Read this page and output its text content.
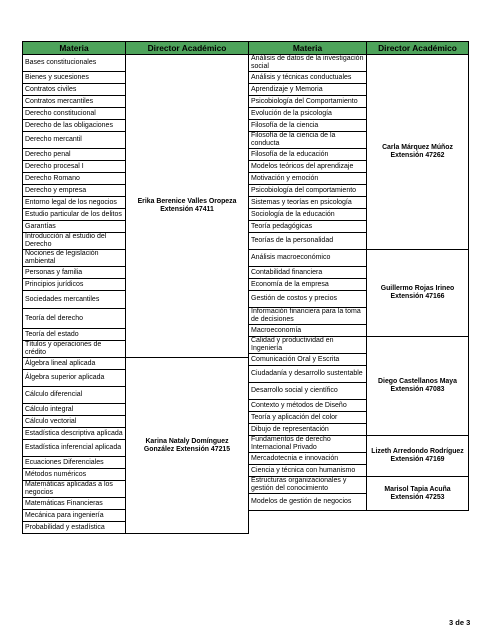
Materia	Director Académico
Bases constitucionales	Erika Berenice Valles Oropeza Extensión 47411
Bienes y sucesiones	
Contratos civiles	
Contratos mercantiles	
Derecho constitucional	
Derecho de las obligaciones	
Derecho mercantil	
Derecho penal	
Derecho procesal I	
Derecho Romano	
Derecho y empresa	
Entorno legal de los negocios	
Estudio particular de los delitos	
Garantías	
Introducción al estudio del Derecho	
Nociones de legislación ambiental	
Personas y familia	
Principios jurídicos	
Sociedades mercantiles	
Teoría del derecho	
Teoría del estado	
Títulos y operaciones de crédito	
Álgebra lineal aplicada	Karina Nataly Domínguez González Extensión 47215
Álgebra superior aplicada	
Cálculo diferencial	
Cálculo integral	
Cálculo vectorial	
Estadística descriptiva aplicada	
Estadística inferencial aplicada	
Ecuaciones Diferenciales	
Métodos numéricos	
Matemáticas aplicadas a los negocios	
Matemáticas Financieras	
Mecánica para ingeniería	
Probabilidad y estadística	
Materia	Director Académico
Análisis de datos de la investigación social	Carla Márquez Múñoz Extensión 47262
Análisis y técnicas conductuales	
Aprendizaje y Memoria	
Psicobiología del Comportamiento	
Evolución de la psicología	
Filosofía de la ciencia	
Filosofía de la ciencia de la conducta	
Filosofía de la educación	
Modelos teóricos del aprendizaje	
Motivación y emoción	
Psicobiología del comportamiento	
Sistemas y teorías en psicología	
Sociología de la educación	
Teoría pedagógicas	
Teorías de la personalidad	
Análisis macroeconómico	Guillermo Rojas Irineo Extensión 47166
Contabilidad financiera	
Economía de la empresa	
Gestión de costos y precios	
Información financiera para la toma de decisiones	
Macroeconomía	
Calidad y productividad en Ingeniería	Diego Castellanos Maya Extensión 47083
Comunicación Oral y Escrita	
Ciudadanía y desarrollo sustentable	
Desarrollo social y científico	
Contexto y métodos de Diseño	
Teoría y aplicación del color	
Dibujo de representación	
Fundamentos de derecho Internacional Privado	Lizeth Arredondo Rodríguez Extensión 47169
Mercadotecnia e innovación	
Ciencia y técnica con humanismo	
Estructuras organizacionales y gestión del conocimiento	Marisol Tapia Acuña Extensión 47253
Modelos de gestión de negocios	
3 de 3
